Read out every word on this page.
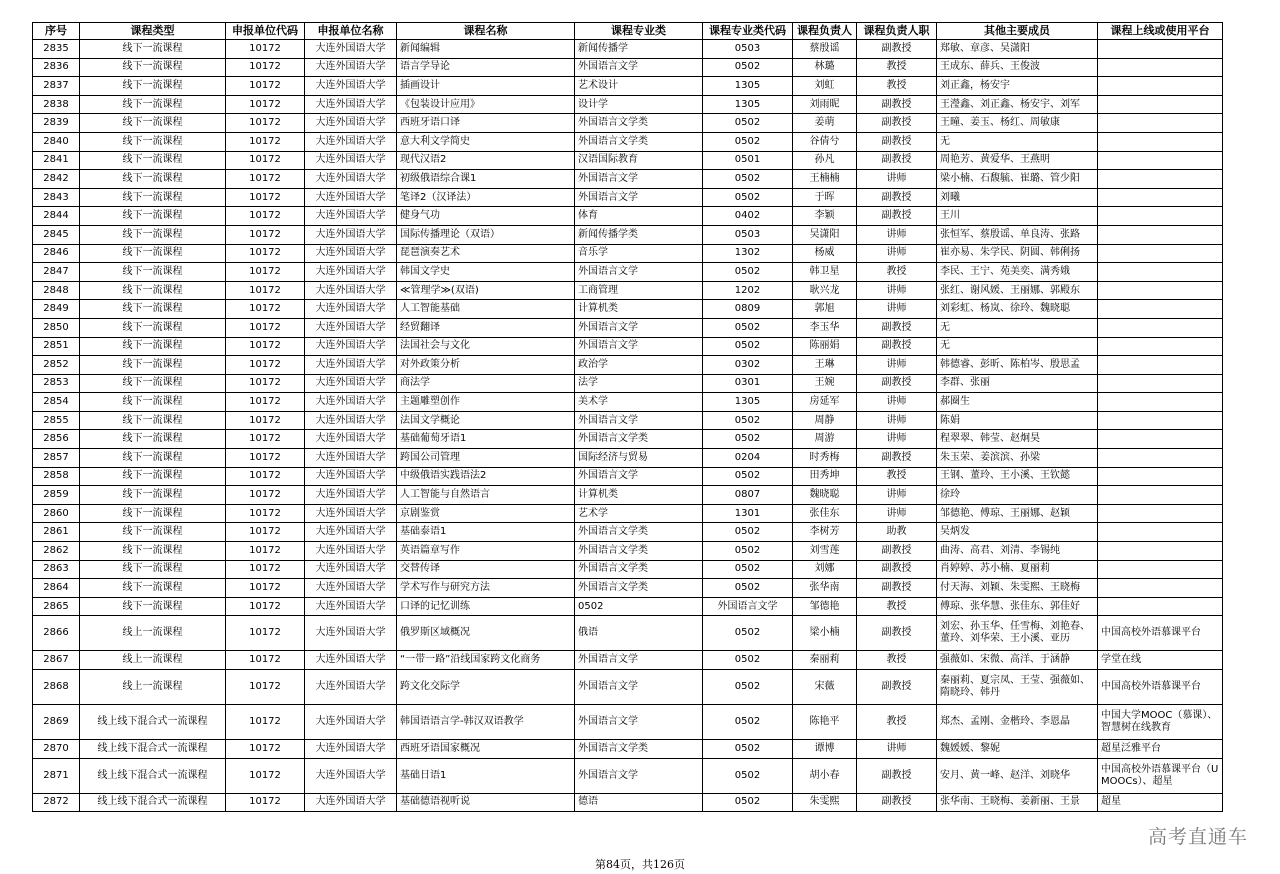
序号	课程类型	申报单位代码	申报单位名称	课程名称	课程专业类	课程专业类代码	课程负责人	课程负责人职	其他主要成员	课程上线或使用平台
2835	线下一流课程	10172	大连外国语大学	新闻编辑	新闻传播学	0503	蔡殷谣	副教授	郑敏、章彦、吴潇阳	
2836	线下一流课程	10172	大连外国语大学	语言学导论	外国语言文学	0502	林璐	教授	王成东、薛兵、王俊波	
2837	线下一流课程	10172	大连外国语大学	插画设计	艺术设计	1305	刘虹	教授	刘正鑫，杨安宇	
2838	线下一流课程	10172	大连外国语大学	《包装设计应用》	设计学	1305	刘雨昵	副教授	王瀅鑫、刘正鑫、杨安宇、刘军	
2839	线下一流课程	10172	大连外国语大学	西班牙语口译	外国语言文学类	0502	姜萌	副教授	王曈、姜玉、杨红、周敏康	
2840	线下一流课程	10172	大连外国语大学	意大利文学简史	外国语言文学类	0502	谷倩兮	副教授	无	
2841	线下一流课程	10172	大连外国语大学	现代汉语2	汉语国际教育	0501	孙凡	副教授	周艳芳、黄爱华、王燕明	
2842	线下一流课程	10172	大连外国语大学	初级俄语综合课1	外国语言文学	0502	王楠楠	讲师	梁小楠、石馥毓、崔璐、管少阳	
2843	线下一流课程	10172	大连外国语大学	笔译2（汉译法）	外国语言文学	0502	于晖	副教授	刘曦	
2844	线下一流课程	10172	大连外国语大学	健身气功	体育	0402	李颖	副教授	王川	
2845	线下一流课程	10172	大连外国语大学	国际传播理论（双语）	新闻传播学类	0503	吴潇阳	讲师	张恒军、蔡殷谣、单良涛、张路	
2846	线下一流课程	10172	大连外国语大学	琵琶演奏艺术	音乐学	1302	杨威	讲师	崔亦易、朱学民、阴圆、韩俐扬	
2847	线下一流课程	10172	大连外国语大学	韩国文学史	外国语言文学	0502	韩卫星	教授	李民、王宁、苑美奕、满秀娥	
2848	线下一流课程	10172	大连外国语大学	≪管理学≫(双语)	工商管理	1202	耿兴龙	讲师	张红、谢风媛、王丽娜、郭殿东	
2849	线下一流课程	10172	大连外国语大学	人工智能基础	计算机类	0809	郭旭	讲师	刘彩虹、杨岚、徐玲、魏晓聪	
2850	线下一流课程	10172	大连外国语大学	经贸翻译	外国语言文学	0502	李玉华	副教授	无	
2851	线下一流课程	10172	大连外国语大学	法国社会与文化	外国语言文学	0502	陈丽娟	副教授	无	
2852	线下一流课程	10172	大连外国语大学	对外政策分析	政治学	0302	王琳	讲师	韩德睿、彭昕、陈柏岑、殷思孟	
2853	线下一流课程	10172	大连外国语大学	商法学	法学	0301	王婉	副教授	李群、张丽	
2854	线下一流课程	10172	大连外国语大学	主题雕塑创作	美术学	1305	房延军	讲师	郝圈生	
2855	线下一流课程	10172	大连外国语大学	法国文学概论	外国语言文学	0502	周静	讲师	陈娟	
2856	线下一流课程	10172	大连外国语大学	基础葡萄牙语1	外国语言文学类	0502	周游	讲师	程翠翠、韩莹、赵炯昊	
2857	线下一流课程	10172	大连外国语大学	跨国公司管理	国际经济与贸易	0204	时秀梅	副教授	朱玉荣、姜滨滨、孙梁	
2858	线下一流课程	10172	大连外国语大学	中级俄语实践语法2	外国语言文学	0502	田秀坤	教授	王钢、董玲、王小溪、王钦懿	
2859	线下一流课程	10172	大连外国语大学	人工智能与自然语言	计算机类	0807	魏晓聪	讲师	徐玲	
2860	线下一流课程	10172	大连外国语大学	京剧鉴赏	艺术学	1301	张佳东	讲师	邹德艳、傅琼、王丽娜、赵颖	
2861	线下一流课程	10172	大连外国语大学	基础泰语1	外国语言文学类	0502	李树芳	助教	吴炳发	
2862	线下一流课程	10172	大连外国语大学	英语篇章写作	外国语言文学类	0502	刘雪莲	副教授	曲涛、高君、刘清、李锡纯	
2863	线下一流课程	10172	大连外国语大学	交替传译	外国语言文学类	0502	刘娜	副教授	肖婷婷、苏小楠、夏丽莉	
2864	线下一流课程	10172	大连外国语大学	学术写作与研究方法	外国语言文学类	0502	张华南	副教授	付天海、刘颖、朱雯熙、王晓梅	
2865	线下一流课程	10172	大连外国语大学	口译的记忆训练	0502	外国语言文学	邹德艳	教授	傅琼、张华慧、张佳东、郭佳好	
2866	线上一流课程	10172	大连外国语大学	俄罗斯区域概况	俄语	0502	梁小楠	副教授	刘宏、孙玉华、任雪梅、刘艳春、董玲、刘华荣、王小溪、亚历	中国高校外语慕课平台
2867	线上一流课程	10172	大连外国语大学	“一带一路”沿线国家跨文化商务	外国语言文学	0502	秦丽莉	教授	强薇如、宋微、高洋、于涵静	学堂在线
2868	线上一流课程	10172	大连外国语大学	跨文化交际学	外国语言文学	0502	宋薇	副教授	秦丽莉、夏宗凤、王莹、强薇如、隋晓玲、韩丹	中国高校外语慕课平台
2869	线上线下混合式一流课程	10172	大连外国语大学	韩国语语言学-韩汉双语教学	外国语言文学	0502	陈艳平	教授	郑杰、孟刚、金楷玲、李恩晶	中国大学MOOC（慕课）、智慧树在线教育
2870	线上线下混合式一流课程	10172	大连外国语大学	西班牙语国家概况	外国语言文学类	0502	谭博	讲师	魏媛媛、黎妮	超星泛雅平台
2871	线上线下混合式一流课程	10172	大连外国语大学	基础日语1	外国语言文学	0502	胡小春	副教授	安月、黄一峰、赵洋、刘晓华	中国高校外语慕课平台（UMOOCs）、超星
2872	线上线下混合式一流课程	10172	大连外国语大学	基础德语视听说	德语	0502	朱雯熙	副教授	张华南、王晓梅、姜新丽、王景	超星
高考直通车
第84页，共126页
